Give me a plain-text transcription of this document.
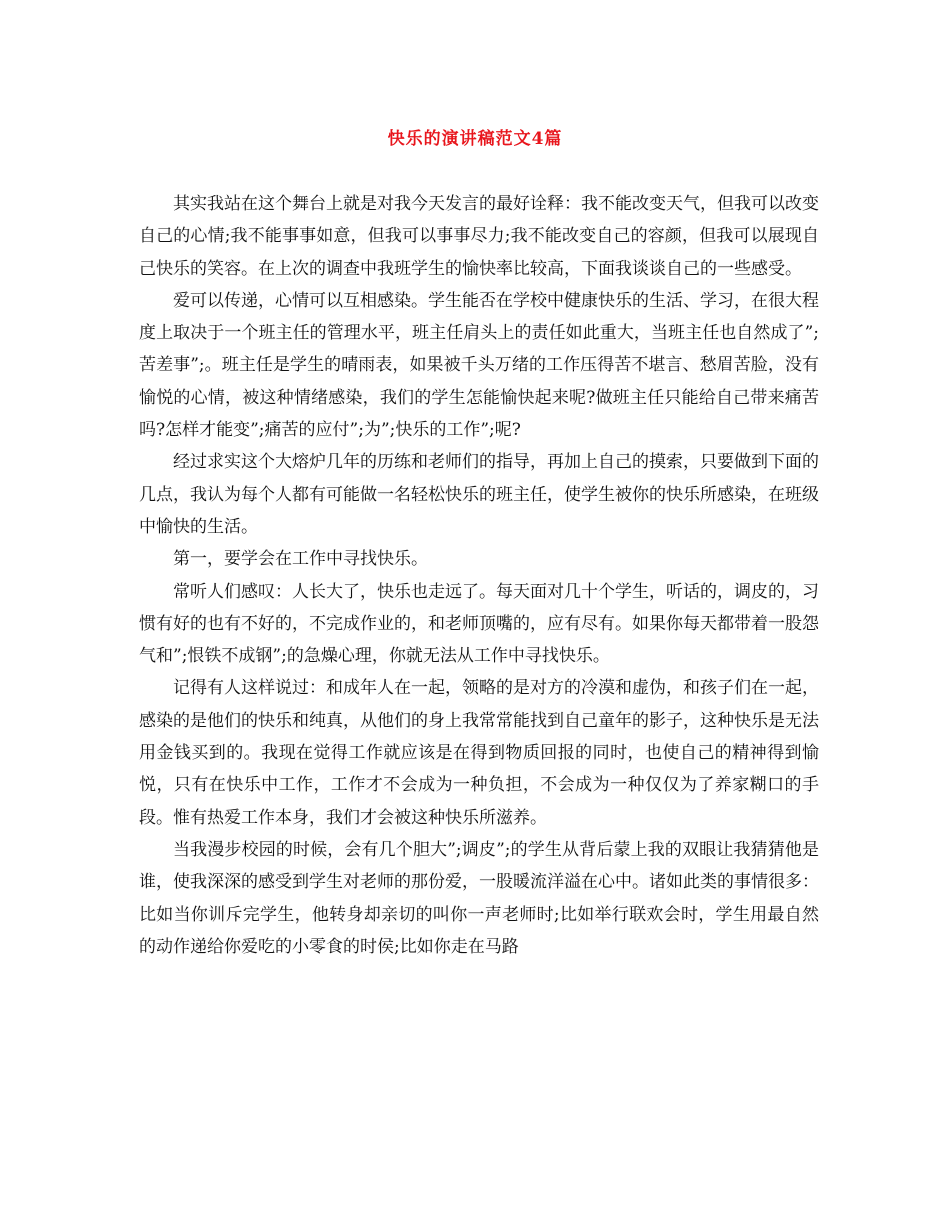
快乐的演讲稿范文4篇

其实我站在这个舞台上就是对我今天发言的最好诠释：我不能改变天气，但我可以改变自己的心情;我不能事事如意，但我可以事事尽力;我不能改变自己的容颜，但我可以展现自己快乐的笑容。在上次的调查中我班学生的愉快率比较高，下面我谈谈自己的一些感受。

爱可以传递，心情可以互相感染。学生能否在学校中健康快乐的生活、学习，在很大程度上取决于一个班主任的管理水平，班主任肩头上的责任如此重大，当班主任也自然成了”;苦差事”;。班主任是学生的晴雨表，如果被千头万绪的工作压得苦不堪言、愁眉苦脸，没有愉悦的心情，被这种情绪感染，我们的学生怎能愉快起来呢?做班主任只能给自己带来痛苦吗?怎样才能变”;痛苦的应付”;为”;快乐的工作”;呢?

经过求实这个大熔炉几年的历练和老师们的指导，再加上自己的摸索，只要做到下面的几点，我认为每个人都有可能做一名轻松快乐的班主任，使学生被你的快乐所感染，在班级中愉快的生活。

第一，要学会在工作中寻找快乐。

常听人们感叹：人长大了，快乐也走远了。每天面对几十个学生，听话的，调皮的，习惯有好的也有不好的，不完成作业的，和老师顶嘴的，应有尽有。如果你每天都带着一股怨气和”;恨铁不成钢”;的急燥心理，你就无法从工作中寻找快乐。

记得有人这样说过：和成年人在一起，领略的是对方的冷漠和虚伪，和孩子们在一起，感染的是他们的快乐和纯真，从他们的身上我常常能找到自己童年的影子，这种快乐是无法用金钱买到的。我现在觉得工作就应该是在得到物质回报的同时，也使自己的精神得到愉悦，只有在快乐中工作，工作才不会成为一种负担，不会成为一种仅仅为了养家糊口的手段。惟有热爱工作本身，我们才会被这种快乐所滋养。

当我漫步校园的时候，会有几个胆大”;调皮”;的学生从背后蒙上我的双眼让我猜猜他是谁，使我深深的感受到学生对老师的那份爱，一股暖流洋溢在心中。诸如此类的事情很多：比如当你训斥完学生，他转身却亲切的叫你一声老师时;比如举行联欢会时，学生用最自然的动作递给你爱吃的小零食的时侯;比如你走在马路
